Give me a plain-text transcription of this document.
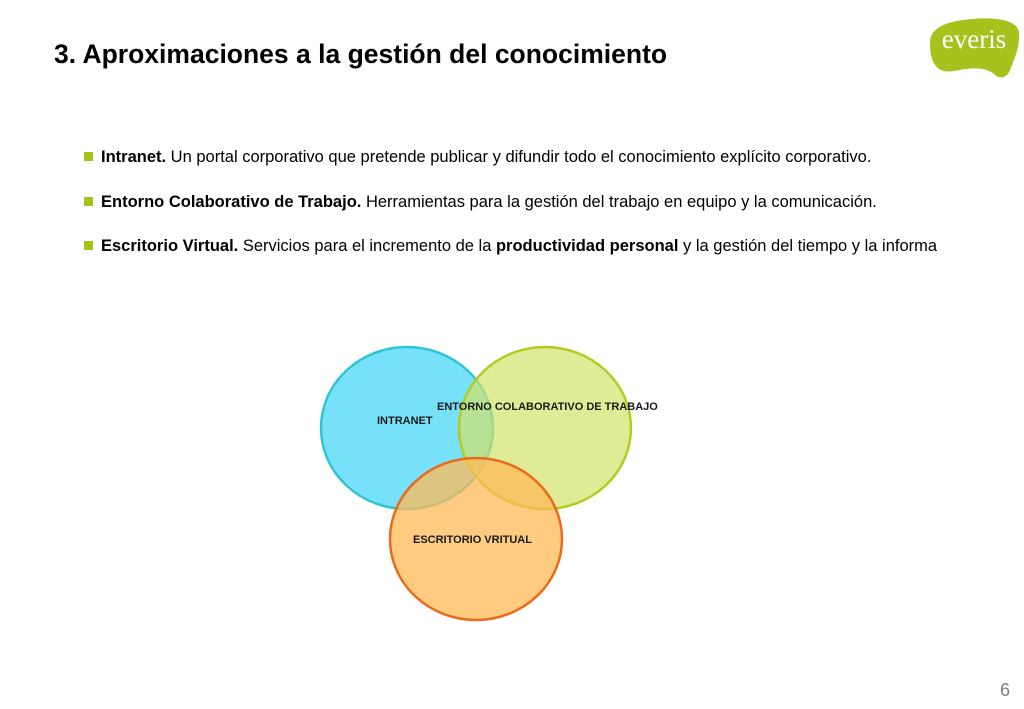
3. Aproximaciones a la gestión del conocimiento	everis
Intranet. Un portal corporativo que pretende publicar y difundir todo el conocimiento explícito corporativo.
Entorno Colaborativo de Trabajo. Herramientas para la gestión del trabajo en equipo y la comunicación.
Escritorio Virtual. Servicios para el incremento de la productividad personal y la gestión del tiempo y la informa
INTRANET
ENTORNO COLABORATIVO DE TRABAJO
ESCRITORIO VRITUAL
6
